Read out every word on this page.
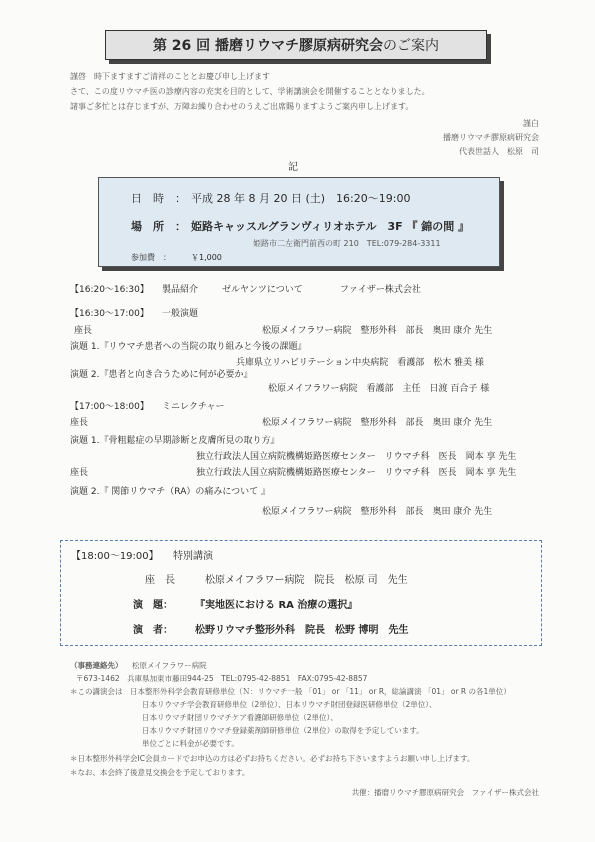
第 26 回 播磨リウマチ膠原病研究会 のご案内
謹啓　時下ますますご清祥のこととお慶び申し上げます
さて、この度リウマチ医の診療内容の充実を目的として、学術講演会を開催することとなりました。
諸事ご多忙とは存じますが、万障お繰り合わせのうえご出席賜りますようご案内申し上げます。
謹白
播磨リウマチ膠原病研究会
代表世話人　松原　司
記
日　時　： 平成 28 年 8 月 20 日 (土)　16:20～19:00
場　所　： 姫路キャッスルグランヴィリオホテル　3F 『 錦の間 』
姫路市二左衛門前西の町 210　TEL:079-284-3311
参加費　：	￥1,000
【16:20～16:30】 製品紹介	ゼルヤンツについて	ファイザー株式会社
【16:30～17:00】 一般演題
座長	松原メイフラワー病院　整形外科　部長　奥田 康介 先生
演題 1.『リウマチ患者への当院の取り組みと今後の課題』
兵庫県立リハビリテーション中央病院　看護部　松木 雅美 様
演題 2.『患者と向き合うために何が必要か』
松原メイフラワー病院　看護部　主任　日渡 百合子 様
【17:00～18:00】 ミニレクチャー
座長	松原メイフラワー病院　整形外科　部長　奥田 康介 先生
演題 1.『骨粗鬆症の早期診断と皮膚所見の取り方』
独立行政法人国立病院機構姫路医療センター　リウマチ科　医長　岡本 享 先生
座長	独立行政法人国立病院機構姫路医療センター　リウマチ科　医長　岡本 享 先生
演題 2.『 関節リウマチ（RA）の痛みについて 』
松原メイフラワー病院　整形外科　部長　奥田 康介 先生
【18:00～19:00】 特別講演
座　長	松原メイフラワー病院　院長　松原 司　先生
演　題： 『実地医における RA 治療の選択』
演　者： 松野リウマチ整形外科　院長　松野 博明　先生
（事務連絡先） 松原メイフラワー病院
〒673-1462　兵庫県加東市藤田944-25　TEL:0795-42-8851　FAX:0795-42-8857
＊この講演会は　日本整形外科学会教育研修単位（Ｎ：リウマチ一般 「01」 or 「11」 or R，総論講演 「01」 or R の各1単位）
日本リウマチ学会教育研修単位（2単位）、日本リウマチ財団登録医研修単位（2単位）、
日本リウマチ財団リウマチケア看護師研修単位（2単位）、
日本リウマチ財団リウマチ登録薬剤師研修単位（2単位）の取得を予定しています。
単位ごとに料金が必要です。
＊日本整形外科学会IC会員カードでお申込の方は必ずお持ちください。必ずお持ち下さいますようお願い申し上げます。
＊なお、本会終了後意見交換会を予定しております。
共催：播磨リウマチ膠原病研究会　ファイザー株式会社
